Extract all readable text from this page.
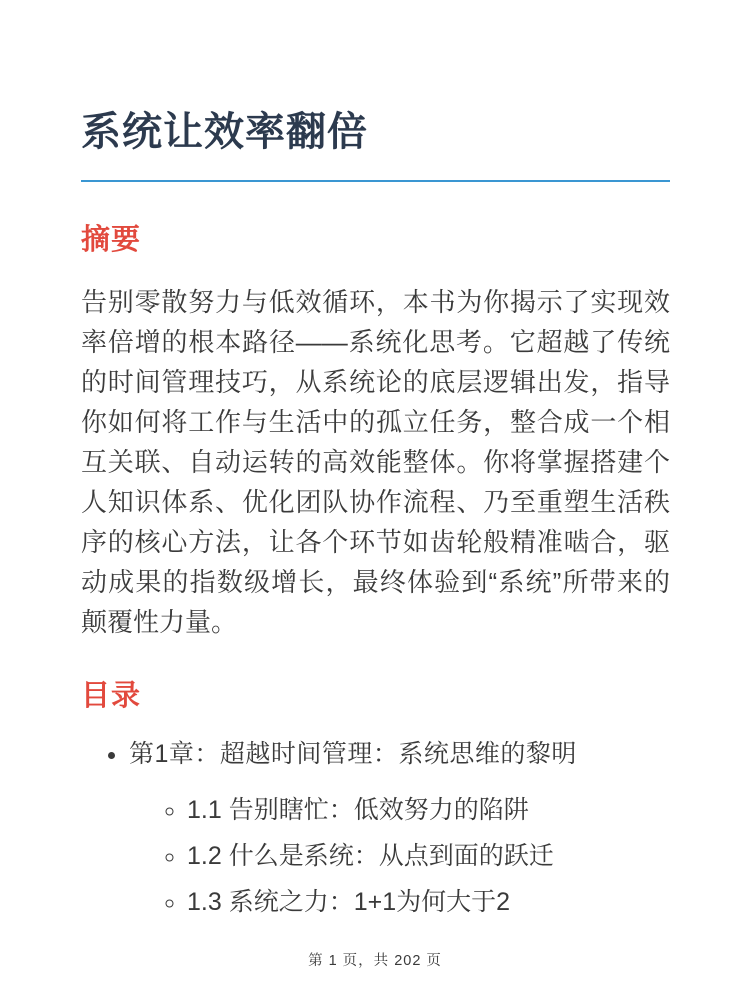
系统让效率翻倍
摘要

告别零散努力与低效循环，本书为你揭示了实现效率倍增的根本路径——系统化思考。它超越了传统的时间管理技巧，从系统论的底层逻辑出发，指导你如何将工作与生活中的孤立任务，整合成一个相互关联、自动运转的高效能整体。你将掌握搭建个人知识体系、优化团队协作流程、乃至重塑生活秩序的核心方法，让各个环节如齿轮般精准啮合，驱动成果的指数级增长，最终体验到“系统”所带来的颠覆性力量。

目录
• 第1章：超越时间管理：系统思维的黎明
◦ 1.1 告别瞎忙：低效努力的陷阱
◦ 1.2 什么是系统：从点到面的跃迁
◦ 1.3 系统之力：1+1为何大于2
第 1 页，共 202 页
